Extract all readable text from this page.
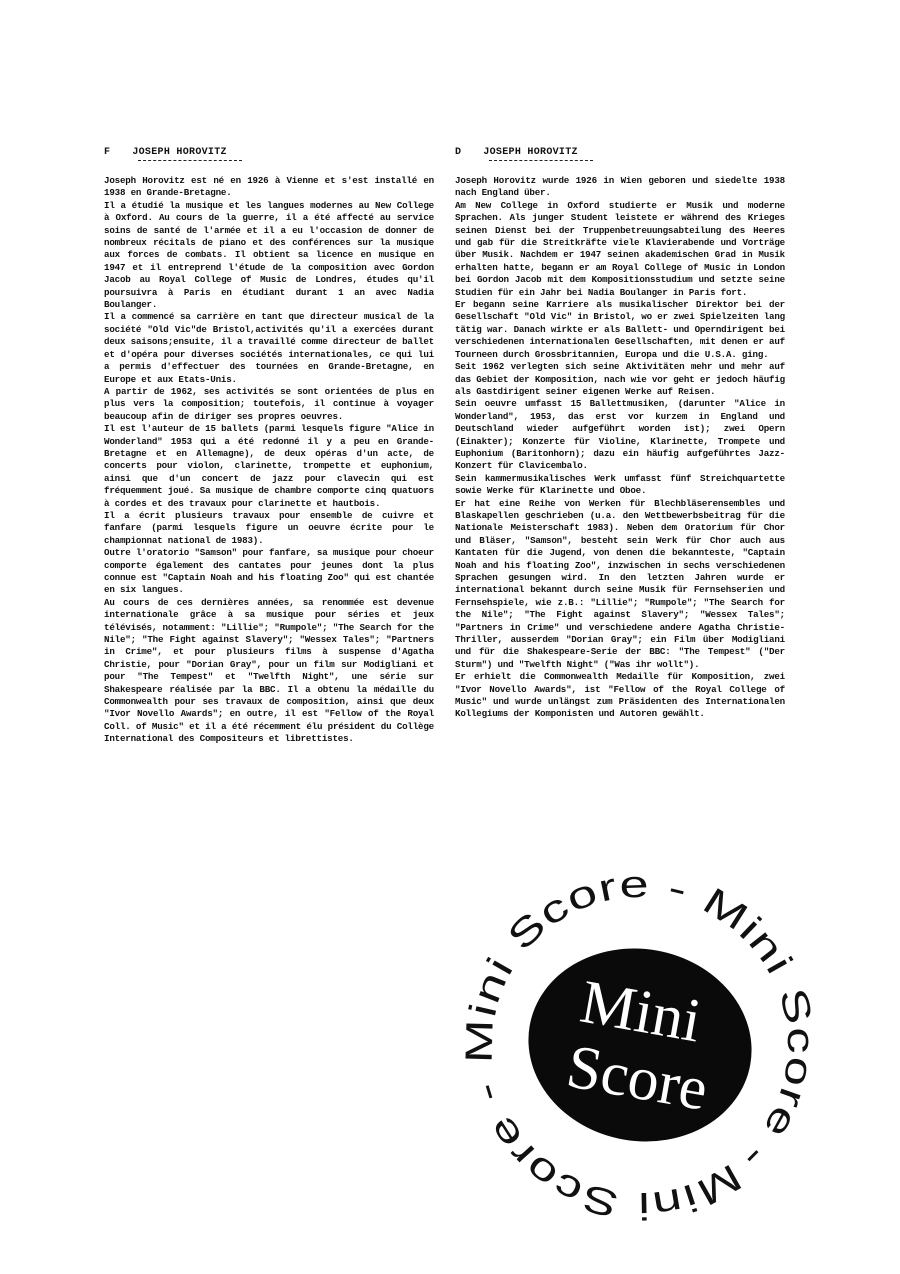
F JOSEPH HOROVITZ

Joseph Horovitz est né en 1926 à Vienne et s'est installé en 1938 en Grande-Bretagne.

Il a étudié la musique et les langues modernes au New College à Oxford. Au cours de la guerre, il a été affecté au service soins de santé de l'armée et il a eu l'occasion de donner de nombreux récitals de piano et des conférences sur la musique aux forces de combats. Il obtient sa licence en musique en 1947 et il entreprend l'étude de la composition avec Gordon Jacob au Royal College of Music de Londres, études qu'il poursuivra à Paris en étudiant durant 1 an avec Nadia Boulanger.

Il a commencé sa carrière en tant que directeur musical de la société "Old Vic"de Bristol,activités qu'il a exercées durant deux saisons;ensuite, il a travaillé comme directeur de ballet et d'opéra pour diverses sociétés internationales, ce qui lui a permis d'effectuer des tournées en Grande-Bretagne, en Europe et aux Etats-Unis.

A partir de 1962, ses activités se sont orientées de plus en plus vers la composition; toutefois, il continue à voyager beaucoup afin de diriger ses propres oeuvres.

Il est l'auteur de 15 ballets (parmi lesquels figure "Alice in Wonderland" 1953 qui a été redonné il y a peu en Grande-Bretagne et en Allemagne), de deux opéras d'un acte, de concerts pour violon, clarinette, trompette et euphonium, ainsi que d'un concert de jazz pour clavecin qui est fréquemment joué. Sa musique de chambre comporte cinq quatuors à cordes et des travaux pour clarinette et hautbois.

Il a écrit plusieurs travaux pour ensemble de cuivre et fanfare (parmi lesquels figure un oeuvre écrite pour le championnat national de 1983).

Outre l'oratorio "Samson" pour fanfare, sa musique pour choeur comporte également des cantates pour jeunes dont la plus connue est "Captain Noah and his floating Zoo" qui est chantée en six langues.

Au cours de ces dernières années, sa renommée est devenue internationale grâce à sa musique pour séries et jeux télévisés, notamment: "Lillie"; "Rumpole"; "The Search for the Nile"; "The Fight against Slavery"; "Wessex Tales"; "Partners in Crime", et pour plusieurs films à suspense d'Agatha Christie, pour "Dorian Gray", pour un film sur Modigliani et pour "The Tempest" et "Twelfth Night", une série sur Shakespeare réalisée par la BBC. Il a obtenu la médaille du Commonwealth pour ses travaux de composition, ainsi que deux "Ivor Novello Awards"; en outre, il est "Fellow of the Royal Coll. of Music" et il a été récemment élu président du Collège International des Compositeurs et librettistes.

D JOSEPH HOROVITZ

Joseph Horovitz wurde 1926 in Wien geboren und siedelte 1938 nach England über.

Am New College in Oxford studierte er Musik und moderne Sprachen. Als junger Student leistete er während des Krieges seinen Dienst bei der Truppenbetreuungsabteilung des Heeres und gab für die Streitkräfte viele Klavierabende und Vorträge über Musik. Nachdem er 1947 seinen akademischen Grad in Musik erhalten hatte, begann er am Royal College of Music in London bei Gordon Jacob mit dem Kompositionsstudium und setzte seine Studien für ein Jahr bei Nadia Boulanger in Paris fort.

Er begann seine Karriere als musikalischer Direktor bei der Gesellschaft "Old Vic" in Bristol, wo er zwei Spielzeiten lang tätig war. Danach wirkte er als Ballett- und Operndirigent bei verschiedenen internationalen Gesellschaften, mit denen er auf Tourneen durch Grossbritannien, Europa und die U.S.A. ging.

Seit 1962 verlegten sich seine Aktivitäten mehr und mehr auf das Gebiet der Komposition, nach wie vor geht er jedoch häufig als Gastdirigent seiner eigenen Werke auf Reisen.

Sein oeuvre umfasst 15 Ballettmusiken, (darunter "Alice in Wonderland", 1953, das erst vor kurzem in England und Deutschland wieder aufgeführt worden ist); zwei Opern (Einakter); Konzerte für Violine, Klarinette, Trompete und Euphonium (Baritonhorn); dazu ein häufig aufgeführtes Jazz-Konzert für Clavicembalo.

Sein kammermusikalisches Werk umfasst fünf Streichquartette sowie Werke für Klarinette und Oboe.

Er hat eine Reihe von Werken für Blechbläserensembles und Blaskapellen geschrieben (u.a. den Wettbewerbsbeitrag für die Nationale Meisterschaft 1983). Neben dem Oratorium für Chor und Bläser, "Samson", besteht sein Werk für Chor auch aus Kantaten für die Jugend, von denen die bekannteste, "Captain Noah and his floating Zoo", inzwischen in sechs verschiedenen Sprachen gesungen wird. In den letzten Jahren wurde er international bekannt durch seine Musik für Fernsehserien und Fernsehspiele, wie z.B.: "Lillie"; "Rumpole"; "The Search for the Nile"; "The Fight against Slavery"; "Wessex Tales"; "Partners in Crime" und verschiedene andere Agatha Christie-Thriller, ausserdem "Dorian Gray"; ein Film über Modigliani und für die Shakespeare-Serie der BBC: "The Tempest" ("Der Sturm") und "Twelfth Night" ("Was ihr wollt").

Er erhielt die Commonwealth Medaille für Komposition, zwei "Ivor Novello Awards", ist "Fellow of the Royal College of Music" und wurde unlängst zum Präsidenten des Internationalen Kollegiums der Komponisten und Autoren gewählt.

Mini Score - Mini Score - Mini Score -
Mini
Score
